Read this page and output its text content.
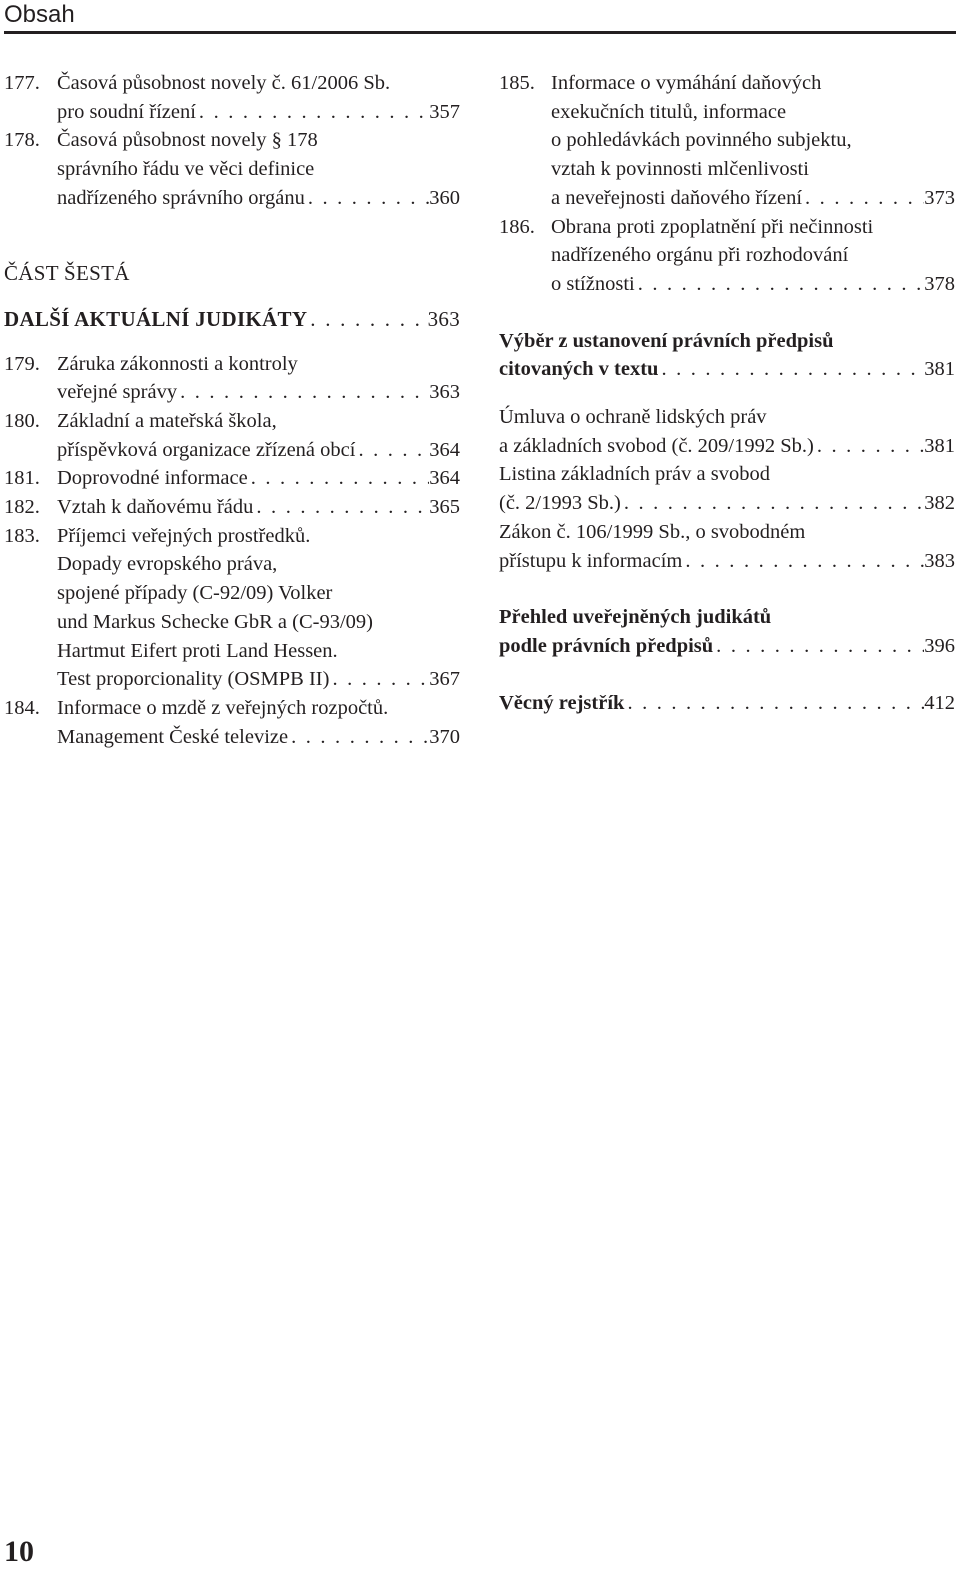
Obsah
177. Časová působnost novely č. 61/2006 Sb.
pro soudní řízení . . .	357
178. Časová působnost novely § 178
správního řádu ve věci definice
nadřízeného správního orgánu . . .	360
ČÁST ŠESTÁ
DALŠÍ AKTUÁLNÍ JUDIKÁTY . . .	363
179. Záruka zákonnosti a kontroly
veřejné správy . . .	363
180. Základní a mateřská škola,
příspěvková organizace zřízená obcí . . .	364
181. Doprovodné informace . . .	364
182. Vztah k daňovému řádu . . .	365
183. Příjemci veřejných prostředků.
Dopady evropského práva,
spojené případy (C-92/09) Volker
und Markus Schecke GbR a (C-93/09)
Hartmut Eifert proti Land Hessen.
Test proporcionality (OSMPB II) . . .	367
184. Informace o mzdě z veřejných rozpočtů.
Management České televize . . .	370
185. Informace o vymáhání daňových
exekučních titulů, informace
o pohledávkách povinného subjektu,
vztah k povinnosti mlčenlivosti
a neveřejnosti daňového řízení . . .	373
186. Obrana proti zpoplatnění při nečinnosti
nadřízeného orgánu při rozhodování
o stížnosti . . .	378
Výběr z ustanovení právních předpisů
citovaných v textu . . .	381
Úmluva o ochraně lidských práv
a základních svobod (č. 209/1992 Sb.) . . .	381
Listina základních práv a svobod
(č. 2/1993 Sb.) . . .	382
Zákon č. 106/1999 Sb., o svobodném
přístupu k informacím . . .	383
Přehled uveřejněných judikátů
podle právních předpisů . . .	396
Věcný rejstřík . . .	412
10
